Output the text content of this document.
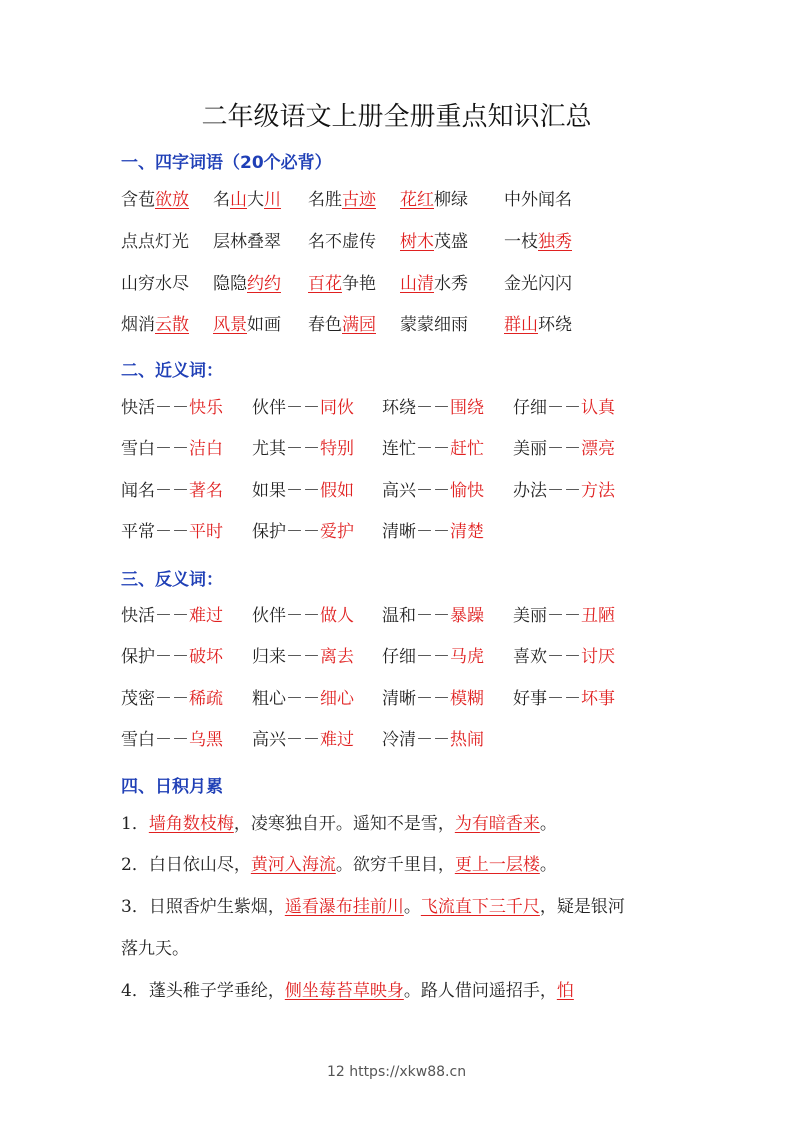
二年级语文上册全册重点知识汇总
一、四字词语（20个必背）
含苞欲放 名山大川 名胜古迹 花红柳绿 中外闻名
点点灯光 层林叠翠 名不虚传 树木茂盛 一枝独秀
山穷水尽 隐隐约约 百花争艳 山清水秀 金光闪闪
烟消云散 风景如画 春色满园 蒙蒙细雨 群山环绕
二、近义词：
快活－－快乐 伙伴－－同伙 环绕－－围绕 仔细－－认真
雪白－－洁白 尤其－－特别 连忙－－赶忙 美丽－－漂亮
闻名－－著名 如果－－假如 高兴－－愉快 办法－－方法
平常－－平时 保护－－爱护 清晰－－清楚
三、反义词：
快活－－难过 伙伴－－做人 温和－－暴躁 美丽－－丑陋
保护－－破坏 归来－－离去 仔细－－马虎 喜欢－－讨厌
茂密－－稀疏 粗心－－细心 清晰－－模糊 好事－－坏事
雪白－－乌黑 高兴－－难过 冷清－－热闹
四、日积月累
1．墙角数枝梅，凌寒独自开。遥知不是雪，为有暗香来。
2．白日依山尽，黄河入海流。欲穷千里目，更上一层楼。
3．日照香炉生紫烟，遥看瀑布挂前川。飞流直下三千尺，疑是银河
落九天。
4．蓬头稚子学垂纶，侧坐莓苔草映身。路人借问遥招手，怕
12 https://xkw88.cn
